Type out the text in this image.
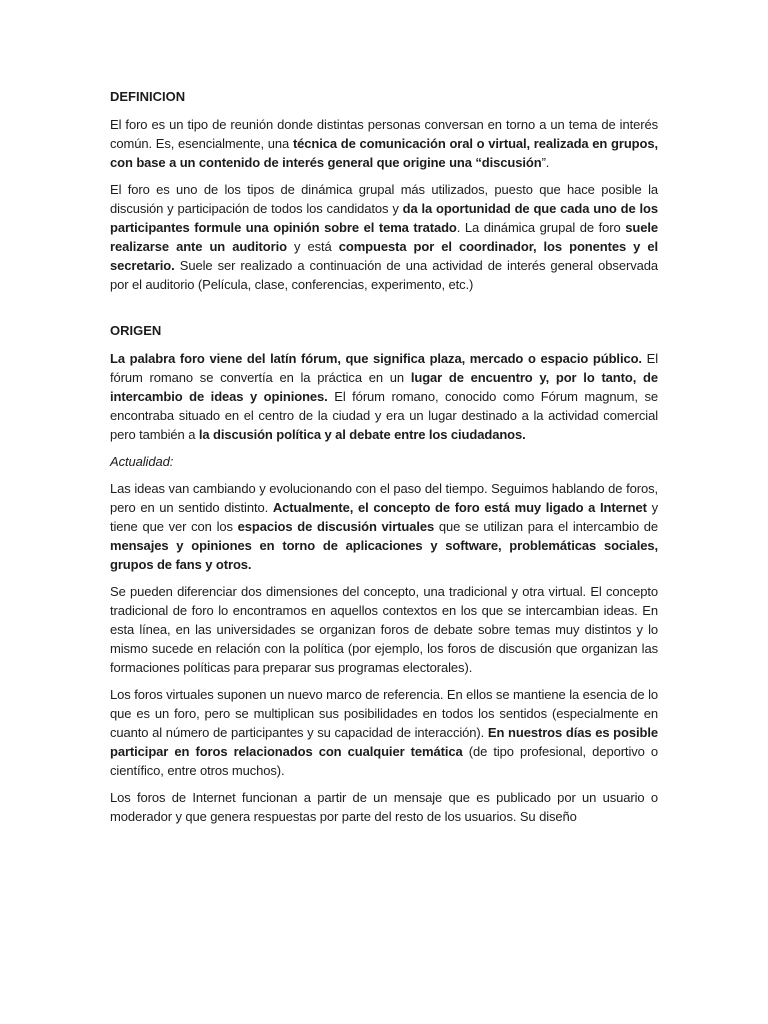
DEFINICION

El foro es un tipo de reunión donde distintas personas conversan en torno a un tema de interés común. Es, esencialmente, una técnica de comunicación oral o virtual, realizada en grupos, con base a un contenido de interés general que origine una “discusión”.

El foro es uno de los tipos de dinámica grupal más utilizados, puesto que hace posible la discusión y participación de todos los candidatos y da la oportunidad de que cada uno de los participantes formule una opinión sobre el tema tratado. La dinámica grupal de foro suele realizarse ante un auditorio y está compuesta por el coordinador, los ponentes y el secretario. Suele ser realizado a continuación de una actividad de interés general observada por el auditorio (Película, clase, conferencias, experimento, etc.)

ORIGEN

La palabra foro viene del latín fórum, que significa plaza, mercado o espacio público. El fórum romano se convertía en la práctica en un lugar de encuentro y, por lo tanto, de intercambio de ideas y opiniones. El fórum romano, conocido como Fórum magnum, se encontraba situado en el centro de la ciudad y era un lugar destinado a la actividad comercial pero también a la discusión política y al debate entre los ciudadanos.

Actualidad:

Las ideas van cambiando y evolucionando con el paso del tiempo. Seguimos hablando de foros, pero en un sentido distinto. Actualmente, el concepto de foro está muy ligado a Internet y tiene que ver con los espacios de discusión virtuales que se utilizan para el intercambio de mensajes y opiniones en torno de aplicaciones y software, problemáticas sociales, grupos de fans y otros.

Se pueden diferenciar dos dimensiones del concepto, una tradicional y otra virtual. El concepto tradicional de foro lo encontramos en aquellos contextos en los que se intercambian ideas. En esta línea, en las universidades se organizan foros de debate sobre temas muy distintos y lo mismo sucede en relación con la política (por ejemplo, los foros de discusión que organizan las formaciones políticas para preparar sus programas electorales).

Los foros virtuales suponen un nuevo marco de referencia. En ellos se mantiene la esencia de lo que es un foro, pero se multiplican sus posibilidades en todos los sentidos (especialmente en cuanto al número de participantes y su capacidad de interacción). En nuestros días es posible participar en foros relacionados con cualquier temática (de tipo profesional, deportivo o científico, entre otros muchos).

Los foros de Internet funcionan a partir de un mensaje que es publicado por un usuario o moderador y que genera respuestas por parte del resto de los usuarios. Su diseño
